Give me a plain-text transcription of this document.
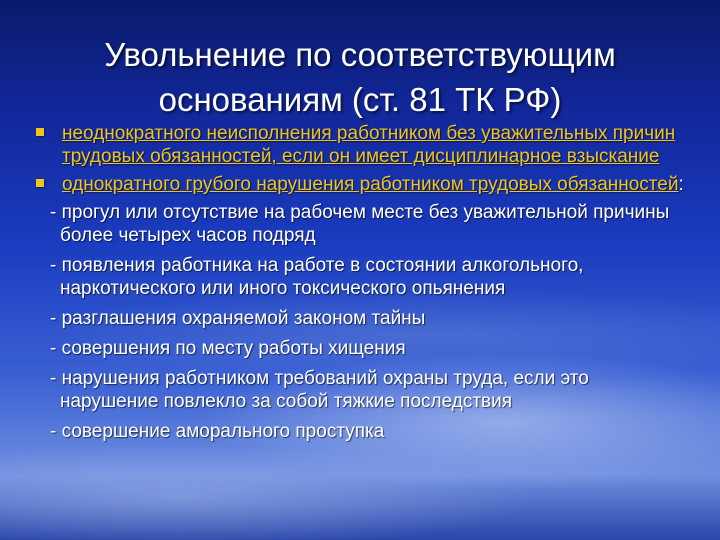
Увольнение по соответствующим
основаниям (ст. 81 ТК РФ)
неоднократного неисполнения работником без уважительных причин трудовых обязанностей, если он имеет дисциплинарное взыскание
однократного грубого нарушения работником трудовых обязанностей:
- прогул или отсутствие на рабочем месте без уважительной причины более четырех часов подряд
- появления работника на работе в состоянии алкогольного, наркотического или иного токсического опьянения
- разглашения охраняемой законом тайны
- совершения по месту работы хищения
- нарушения работником требований охраны труда, если это нарушение повлекло за собой тяжкие последствия
- совершение аморального проступка
